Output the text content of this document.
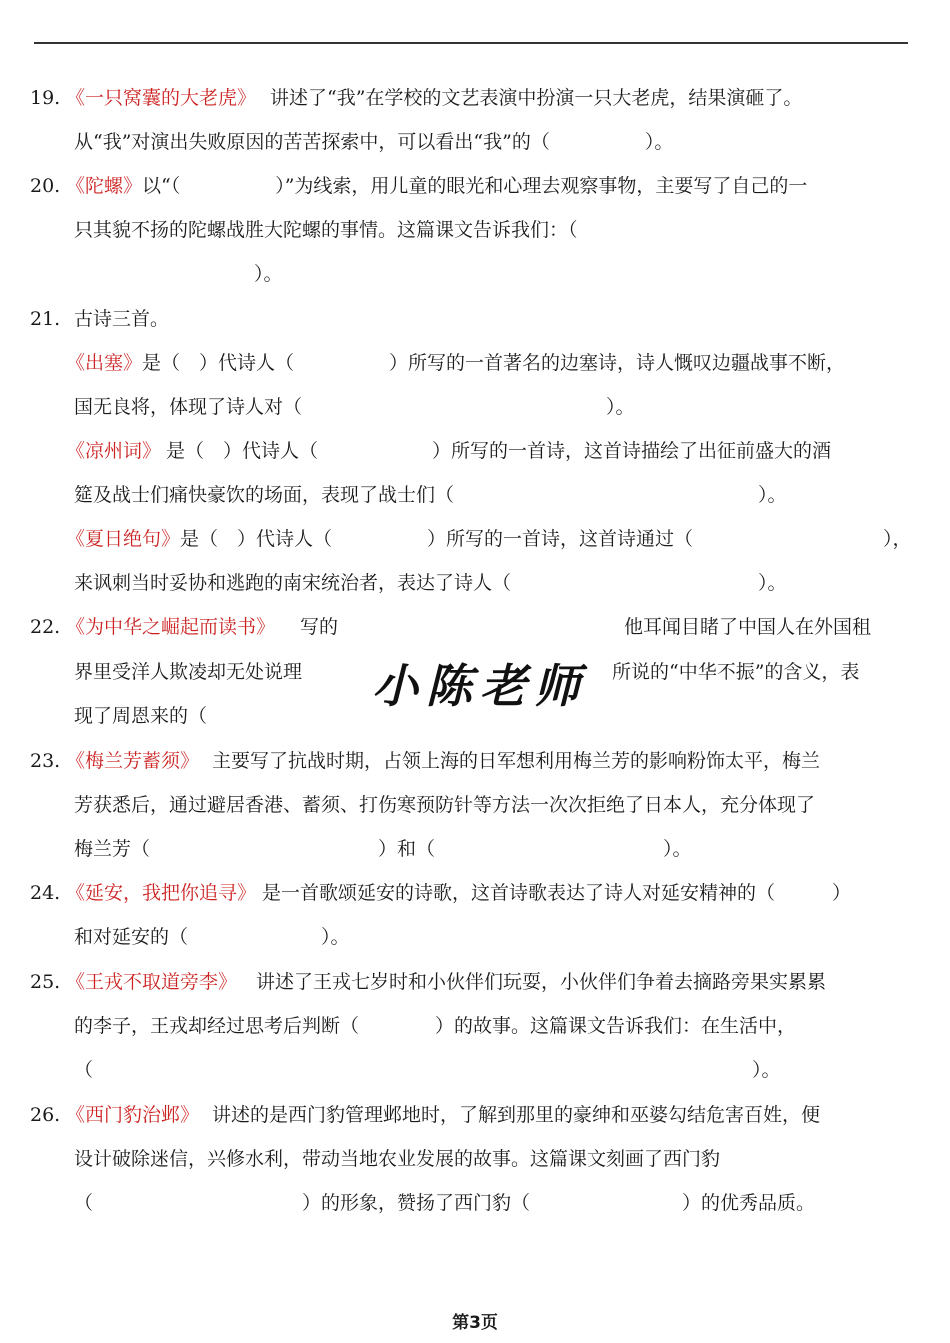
19. 《一只窝囊的大老虎》 讲述了“我”在学校的文艺表演中扮演一只大老虎，结果演砸了。
从“我”对演出失败原因的苦苦探索中，可以看出“我”的（　　　　　）。
20. 《陀螺》 以“（　　　　　）”为线索，用儿童的眼光和心理去观察事物，主要写了自己的一
只其貌不扬的陀螺战胜大陀螺的事情。这篇课文告诉我们：（
）。
21. 古诗三首。
《出塞》 是（　）代诗人（　　　　　）所写的一首著名的边塞诗，诗人慨叹边疆战事不断，
国无良将，体现了诗人对（　　　　　　　　　　　　　　　　）。
《凉州词》 是（　）代诗人（　　　　　　）所写的一首诗，这首诗描绘了出征前盛大的酒
筵及战士们痛快豪饮的场面，表现了战士们（　　　　　　　　　　　　　　　　）。
《夏日绝句》 是（　）代诗人（　　　　　）所写的一首诗，这首诗通过（　　　　　　　　　　），
来讽刺当时妥协和逃跑的南宋统治者，表达了诗人（　　　　　　　　　　　　　）。
22. 《为中华之崛起而读书》 写的	他耳闻目睹了中国人在外国租
界里受洋人欺凌却无处说理	所说的“中华不振”的含义，表
现了周恩来的（
小陈老师
23. 《梅兰芳蓄须》 主要写了抗战时期，占领上海的日军想利用梅兰芳的影响粉饰太平，梅兰
芳获悉后，通过避居香港、蓄须、打伤寒预防针等方法一次次拒绝了日本人，充分体现了
梅兰芳（　　　　　　　　　　　　）和（　　　　　　　　　　　　）。
24. 《延安，我把你追寻》 是一首歌颂延安的诗歌，这首诗歌表达了诗人对延安精神的（　　　）
和对延安的（　　　　　　　）。
25. 《王戎不取道旁李》 讲述了王戎七岁时和小伙伴们玩耍，小伙伴们争着去摘路旁果实累累
的李子，王戎却经过思考后判断（　　　　）的故事。这篇课文告诉我们：在生活中，
（	）。
26. 《西门豹治邺》 讲述的是西门豹管理邺地时，了解到那里的豪绅和巫婆勾结危害百姓，便
设计破除迷信，兴修水利，带动当地农业发展的故事。这篇课文刻画了西门豹
（　　　　　　　　　　　）的形象，赞扬了西门豹（　　　　　　　　）的优秀品质。
第3页
